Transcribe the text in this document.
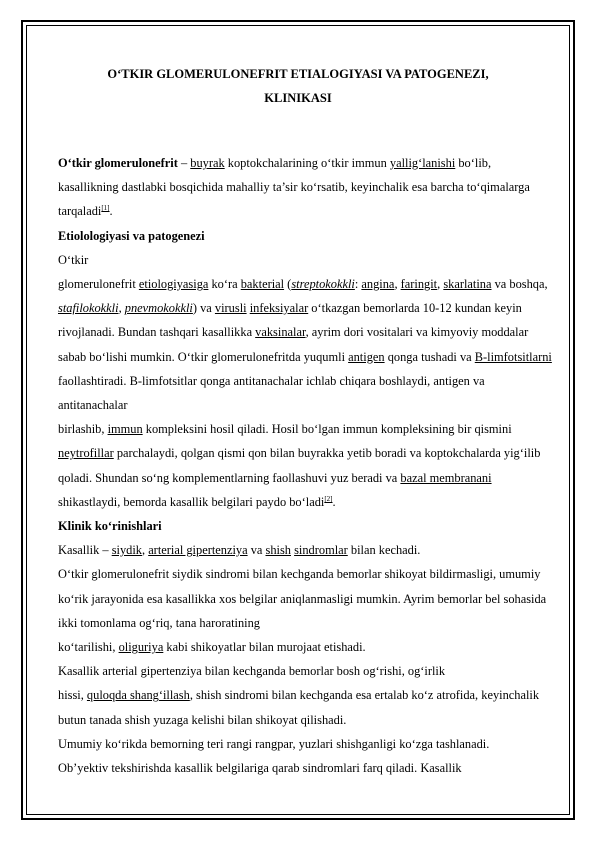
O‘TKIR GLOMERULONEFRIT ETIALOGIYASI VA PATOGENEZI,
KLINIKASI

O‘tkir glomerulonefrit – buyrak koptokchalarining o‘tkir immun yallig‘lanishi bo‘lib, kasallikning dastlabki bosqichida mahalliy ta’sir ko‘rsatib, keyinchalik esa barcha to‘qimalarga tarqaladi[1].

Etiolologiyasi va patogenezi

O‘tkir

glomerulonefrit etiologiyasiga ko‘ra bakterial (streptokokkli: angina, faringit, skarlatina va boshqa, stafilokokkli, pnevmokokkli) va virusli infeksiyalar o‘tkazgan bemorlarda 10-12 kundan keyin rivojlanadi. Bundan tashqari kasallikka vaksinalar, ayrim dori vositalari va kimyoviy moddalar sabab bo‘lishi mumkin. O‘tkir glomerulonefritda yuqumli antigen qonga tushadi va B-limfotsitlarni faollashtiradi. B-limfotsitlar qonga antitanachalar ichlab chiqara boshlaydi, antigen va antitanachalar

birlashib, immun kompleksini hosil qiladi. Hosil bo‘lgan immun kompleksining bir qismini neytrofillar parchalaydi, qolgan qismi qon bilan buyrakka yetib boradi va koptokchalarda yig‘ilib qoladi. Shundan so‘ng komplementlarning faollashuvi yuz beradi va bazal membranani shikastlaydi, bemorda kasallik belgilari paydo bo‘ladi[2].

Klinik ko‘rinishlari

Kasallik – siydik, arterial gipertenziya va shish sindromlar bilan kechadi.

O‘tkir glomerulonefrit siydik sindromi bilan kechganda bemorlar shikoyat bildirmasligi, umumiy ko‘rik jarayonida esa kasallikka xos belgilar aniqlanmasligi mumkin. Ayrim bemorlar bel sohasida ikki tomonlama og‘riq, tana haroratining

ko‘tarilishi, oliguriya kabi shikoyatlar bilan murojaat etishadi.

Kasallik arterial gipertenziya bilan kechganda bemorlar bosh og‘rishi, og‘irlik

hissi, quloqda shang‘illash, shish sindromi bilan kechganda esa ertalab ko‘z atrofida, keyinchalik butun tanada shish yuzaga kelishi bilan shikoyat qilishadi.

Umumiy ko‘rikda bemorning teri rangi rangpar, yuzlari shishganligi ko‘zga tashlanadi.

Ob’yektiv tekshirishda kasallik belgilariga qarab sindromlari farq qiladi. Kasallik
